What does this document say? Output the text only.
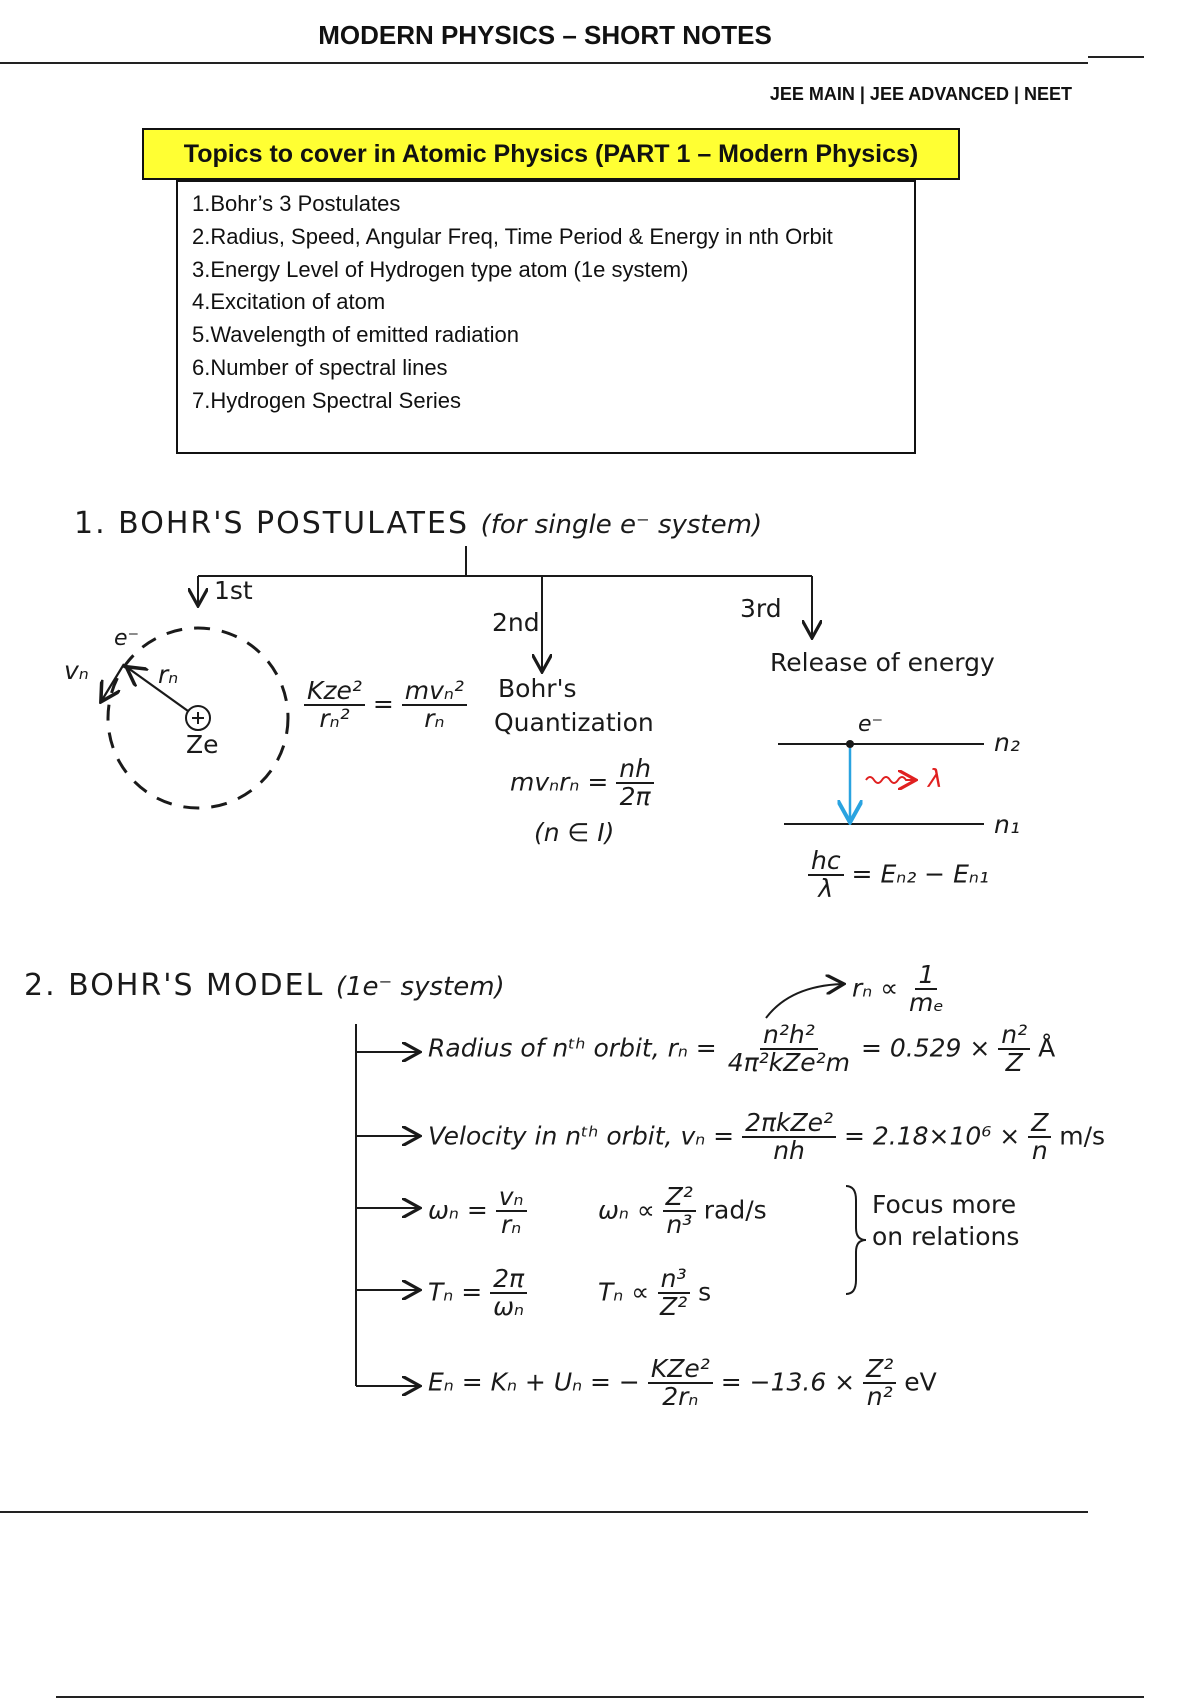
MODERN PHYSICS – SHORT NOTES
JEE MAIN | JEE ADVANCED | NEET
Topics to cover in Atomic Physics (PART 1 – Modern Physics)
1.Bohr’s 3 Postulates
2.Radius, Speed, Angular Freq, Time Period & Energy in nth Orbit
3.Energy Level of Hydrogen type atom (1e system)
4.Excitation of atom
5.Wavelength of emitted radiation
6.Number of spectral lines
7.Hydrogen Spectral Series
1. BOHR'S POSTULATES (for single e⁻ system)
1st
e⁻
rₙ
vₙ
Ze
$\frac{\text{Kze²}}{\text{rₙ²}} = \frac{\text{mvₙ²}}{\text{rₙ}}$
2nd
Bohr's
Quantization
$mv_nr_n = \frac{nh}{2\pi}$
(n ∈ I)
3rd
Release of energy
e⁻
n₂
n₁
λ
$\frac{hc}{\lambda} = E_{n2} - E_{n1}$
2. BOHR'S MODEL (1e⁻ system)	$r_n \propto \frac{1}{\text{mₑ}}$
Radius of nᵗʰ orbit, $r_n = \frac{\text{n²h²}}{\text{4π²kZe²m}} = 0.529 \times \frac{\text{n²}}{Z}$ Å
Velocity in nᵗʰ orbit, $v_n = \frac{\text{2πkZe²}}{nh} = 2.18\times 10^6 \times \frac{Z}{n} m/s$
$\omega_n = \frac{\text{vₙ}}{\text{rₙ}}$	$\omega_n \propto \frac{\text{Z²}}{\text{n³}} rad/s$
$T_n = \frac{2\pi}{\text{ωₙ}}$	$T_n \propto \frac{\text{n³}}{\text{Z²}}$ s
Focus more
on relations
Eₙ = Kₙ + Uₙ = − $\frac{\text{KZe²}}{\text{2rₙ}} = -13.6 \times \frac{\text{Z²}}{\text{n²}}$ eV
